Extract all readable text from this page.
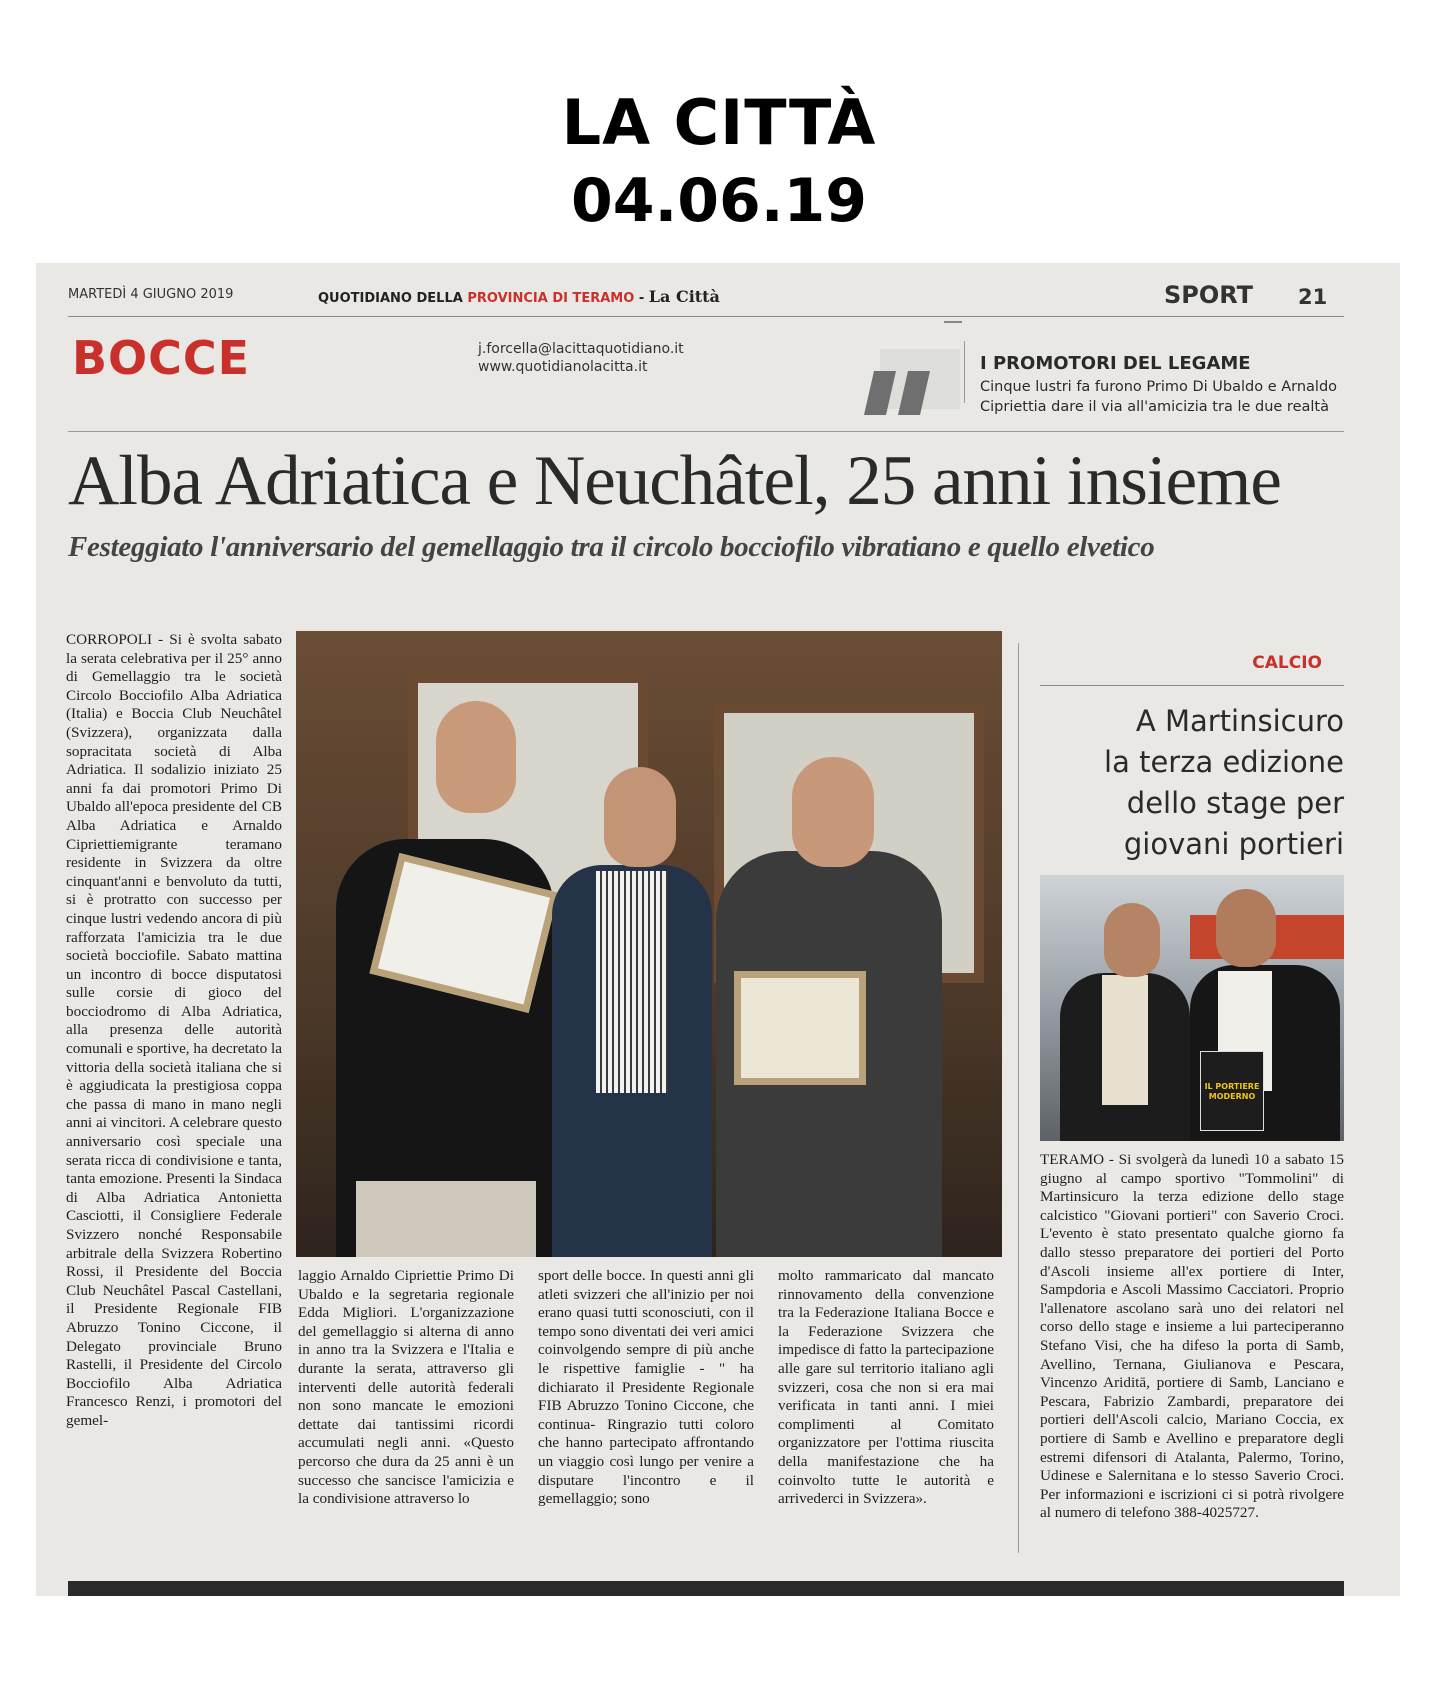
LA CITTÀ
04.06.19
MARTEDÌ 4 GIUGNO 2019	QUOTIDIANO DELLA PROVINCIA DI TERAMO - La Città	SPORT 21
BOCCE	j.forcella@lacittaquotidiano.it
www.quotidianolacitta.it	I PROMOTORI DEL LEGAME
Cinque lustri fa furono Primo Di Ubaldo e Arnaldo
Cipriettia dare il via all'amicizia tra le due realtà
Alba Adriatica e Neuchâtel, 25 anni insieme
Festeggiato l'anniversario del gemellaggio tra il circolo bocciofilo vibratiano e quello elvetico
CORROPOLI - Si è svolta sabato la serata celebrativa per il 25° anno di Gemellaggio tra le società Circolo Bocciofilo Alba Adriatica (Italia) e Boccia Club Neuchâtel (Svizzera), organizzata dalla sopracitata società di Alba Adriatica. Il sodalizio iniziato 25 anni fa dai promotori Primo Di Ubaldo all'epoca presidente del CB Alba Adriatica e Arnaldo Cipriettiemigrante teramano residente in Svizzera da oltre cinquant'anni e benvoluto da tutti, si è protratto con successo per cinque lustri vedendo ancora di più rafforzata l'amicizia tra le due società bocciofile. Sabato mattina un incontro di bocce disputatosi sulle corsie di gioco del bocciodromo di Alba Adriatica, alla presenza delle autorità comunali e sportive, ha decretato la vittoria della società italiana che si è aggiudicata la prestigiosa coppa che passa di mano in mano negli anni ai vincitori. A celebrare questo anniversario così speciale una serata ricca di condivisione e tanta, tanta emozione. Presenti la Sindaca di Alba Adriatica Antonietta Casciotti, il Consigliere Federale Svizzero nonché Responsabile arbitrale della Svizzera Robertino Rossi, il Presidente del Boccia Club Neuchâtel Pascal Castellani, il Presidente Regionale FIB Abruzzo Tonino Ciccone, il Delegato provinciale Bruno Rastelli, il Presidente del Circolo Bocciofilo Alba Adriatica Francesco Renzi, i promotori del gemel-
laggio Arnaldo Cipriettie Primo Di Ubaldo e la segretaria regionale Edda Migliori. L'organizzazione del gemellaggio si alterna di anno in anno tra la Svizzera e l'Italia e durante la serata, attraverso gli interventi delle autorità federali non sono mancate le emozioni dettate dai tantissimi ricordi accumulati negli anni. «Questo percorso che dura da 25 anni è un successo che sancisce l'amicizia e la condivisione attraverso lo
sport delle bocce. In questi anni gli atleti svizzeri che all'inizio per noi erano quasi tutti sconosciuti, con il tempo sono diventati dei veri amici coinvolgendo sempre di più anche le rispettive famiglie - " ha dichiarato il Presidente Regionale FIB Abruzzo Tonino Ciccone, che continua- Ringrazio tutti coloro che hanno partecipato affrontando un viaggio così lungo per venire a disputare l'incontro e il gemellaggio; sono
molto rammaricato dal mancato rinnovamento della convenzione tra la Federazione Italiana Bocce e la Federazione Svizzera che impedisce di fatto la partecipazione alle gare sul territorio italiano agli svizzeri, cosa che non si era mai verificata in tanti anni. I miei complimenti al Comitato organizzatore per l'ottima riuscita della manifestazione che ha coinvolto tutte le autorità e arrivederci in Svizzera».
CALCIO
A Martinsicuro
la terza edizione
dello stage per
giovani portieri
IL PORTIERE MODERNO
TERAMO - Si svolgerà da lunedì 10 a sabato 15 giugno al campo sportivo "Tommolini" di Martinsicuro la terza edizione dello stage calcistico "Giovani portieri" con Saverio Croci. L'evento è stato presentato qualche giorno fa dallo stesso preparatore dei portieri del Porto d'Ascoli insieme all'ex portiere di Inter, Sampdoria e Ascoli Massimo Cacciatori. Proprio l'allenatore ascolano sarà uno dei relatori nel corso dello stage e insieme a lui parteciperanno Stefano Visi, che ha difeso la porta di Samb, Avellino, Ternana, Giulianova e Pescara, Vincenzo Ariditā, portiere di Samb, Lanciano e Pescara, Fabrizio Zambardi, preparatore dei portieri dell'Ascoli calcio, Mariano Coccia, ex portiere di Samb e Avellino e preparatore degli estremi difensori di Atalanta, Palermo, Torino, Udinese e Salernitana e lo stesso Saverio Croci. Per informazioni e iscrizioni ci si potrà rivolgere al numero di telefono 388-4025727.
